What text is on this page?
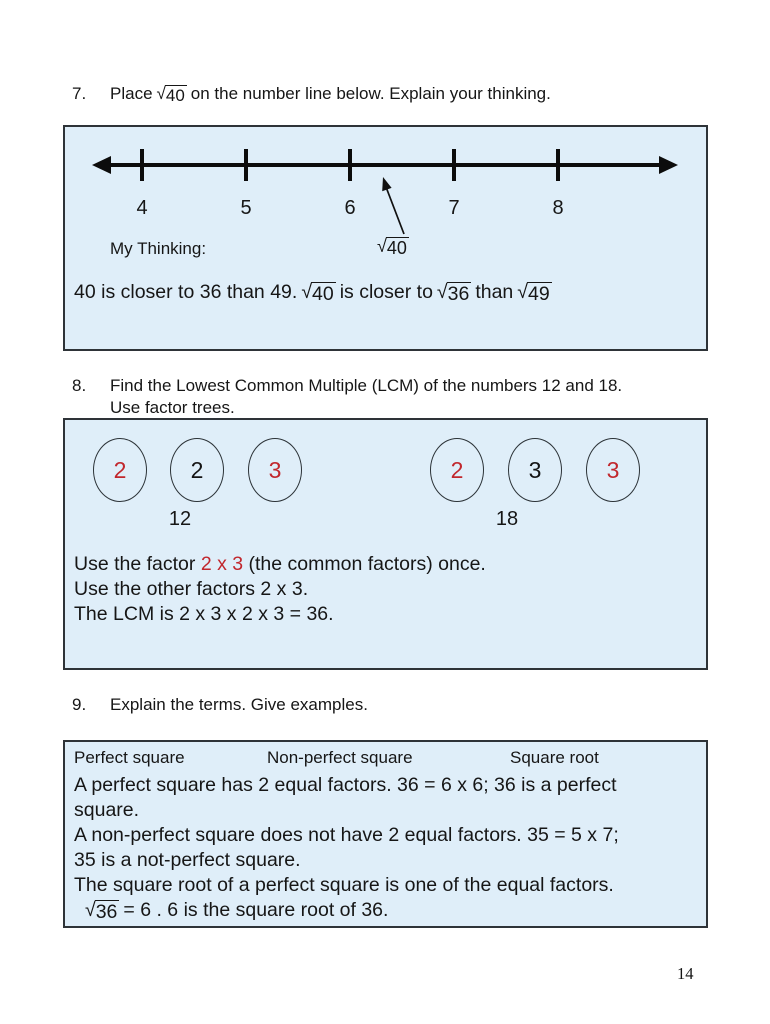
7.	Place √ 40 on the number line below. Explain your thinking.
4	5	6	7	8
My Thinking:	√ 40
40 is closer to 36 than 49. √ 40 is closer to √ 36 than √ 49
8.	Find the Lowest Common Multiple (LCM) of the numbers 12 and 18.
Use factor trees.
2	2	3	2	3	3
12	18
Use the factor 2 x 3 (the common factors) once.
Use the other factors 2 x 3.
The LCM is 2 x 3 x 2 x 3 = 36.
9.	Explain the terms. Give examples.
Perfect square	Non-perfect square	Square root
A perfect square has 2 equal factors. 36 = 6 x 6; 36 is a perfect
square.
A non-perfect square does not have 2 equal factors. 35 = 5 x 7;
35 is a not-perfect square.
The square root of a perfect square is one of the equal factors.
√ 36 = 6 . 6 is the square root of 36.
14
